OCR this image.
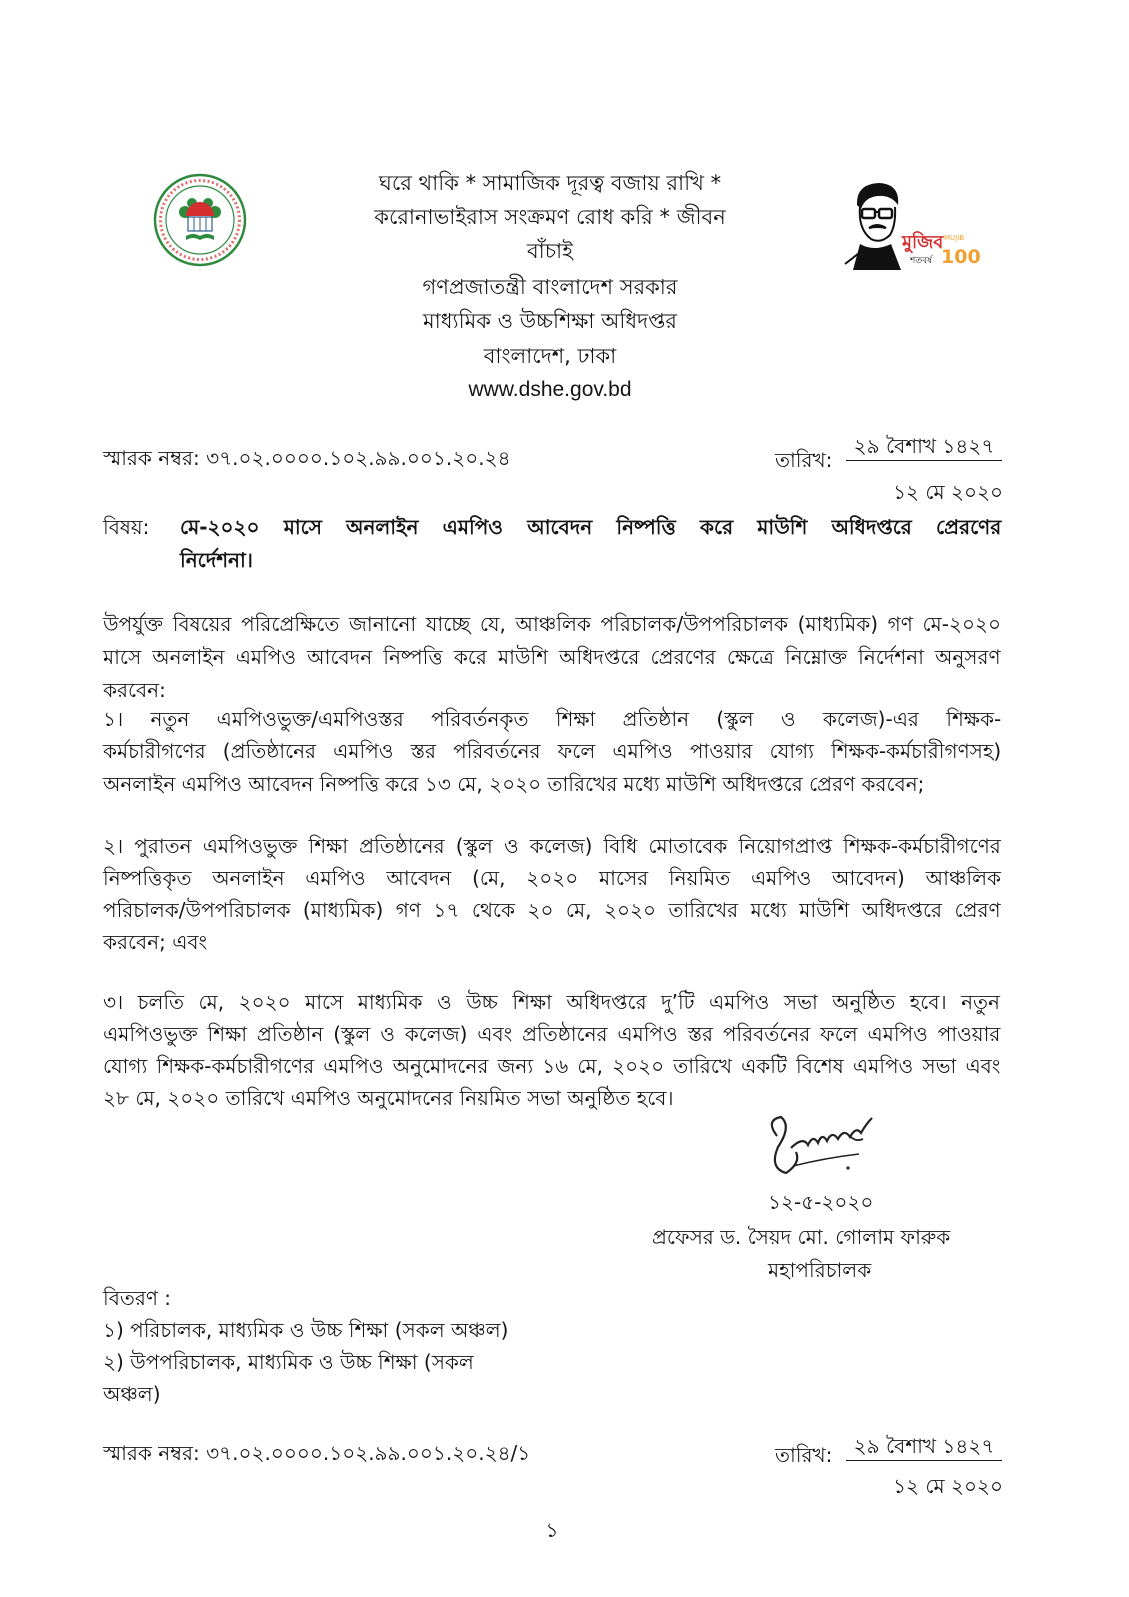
ঘরে থাকি * সামাজিক দূরত্ব বজায় রাখি *
করোনাভাইরাস সংক্রমণ রোধ করি * জীবন
বাঁচাই
গণপ্রজাতন্ত্রী বাংলাদেশ সরকার
মাধ্যমিক ও উচ্চশিক্ষা অধিদপ্তর
বাংলাদেশ, ঢাকা
www.dshe.gov.bd
মুজিব
শতবর্ষ
MUJIB
100
স্মারক নম্বর: ৩৭.০২.০০০০.১০২.৯৯.০০১.২০.২৪	তারিখ:
২৯ বৈশাখ ১৪২৭
১২ মে ২০২০
বিষয়: মে-২০২০ মাসে অনলাইন এমপিও আবেদন নিষ্পত্তি করে মাউশি অধিদপ্তরে প্রেরণের
নির্দেশনা।
উপর্যুক্ত বিষয়ের পরিপ্রেক্ষিতে জানানো যাচ্ছে যে, আঞ্চলিক পরিচালক/উপপরিচালক (মাধ্যমিক) গণ মে-২০২০
মাসে অনলাইন এমপিও আবেদন নিষ্পত্তি করে মাউশি অধিদপ্তরে প্রেরণের ক্ষেত্রে নিম্নোক্ত নির্দেশনা অনুসরণ
করবেন:
১। নতুন এমপিওভুক্ত/এমপিওস্তর পরিবর্তনকৃত শিক্ষা প্রতিষ্ঠান (স্কুল ও কলেজ)-এর শিক্ষক-
কর্মচারীগণের (প্রতিষ্ঠানের এমপিও স্তর পরিবর্তনের ফলে এমপিও পাওয়ার যোগ্য শিক্ষক-কর্মচারীগণসহ)
অনলাইন এমপিও আবেদন নিষ্পত্তি করে ১৩ মে, ২০২০ তারিখের মধ্যে মাউশি অধিদপ্তরে প্রেরণ করবেন;
২। পুরাতন এমপিওভুক্ত শিক্ষা প্রতিষ্ঠানের (স্কুল ও কলেজ) বিধি মোতাবেক নিয়োগপ্রাপ্ত শিক্ষক-কর্মচারীগণের
নিষ্পত্তিকৃত অনলাইন এমপিও আবেদন (মে, ২০২০ মাসের নিয়মিত এমপিও আবেদন) আঞ্চলিক
পরিচালক/উপপরিচালক (মাধ্যমিক) গণ ১৭ থেকে ২০ মে, ২০২০ তারিখের মধ্যে মাউশি অধিদপ্তরে প্রেরণ
করবেন; এবং
৩। চলতি মে, ২০২০ মাসে মাধ্যমিক ও উচ্চ শিক্ষা অধিদপ্তরে দু’টি এমপিও সভা অনুষ্ঠিত হবে। নতুন
এমপিওভুক্ত শিক্ষা প্রতিষ্ঠান (স্কুল ও কলেজ) এবং প্রতিষ্ঠানের এমপিও স্তর পরিবর্তনের ফলে এমপিও পাওয়ার
যোগ্য শিক্ষক-কর্মচারীগণের এমপিও অনুমোদনের জন্য ১৬ মে, ২০২০ তারিখে একটি বিশেষ এমপিও সভা এবং
২৮ মে, ২০২০ তারিখে এমপিও অনুমোদনের নিয়মিত সভা অনুষ্ঠিত হবে।
১২-৫-২০২০
প্রফেসর ড. সৈয়দ মো. গোলাম ফারুক
মহাপরিচালক
বিতরণ :
১) পরিচালক, মাধ্যমিক ও উচ্চ শিক্ষা (সকল অঞ্চল)
২) উপপরিচালক, মাধ্যমিক ও উচ্চ শিক্ষা (সকল
অঞ্চল)
স্মারক নম্বর: ৩৭.০২.০০০০.১০২.৯৯.০০১.২০.২৪/১	তারিখ:	২৯ বৈশাখ ১৪২৭
১২ মে ২০২০
১
